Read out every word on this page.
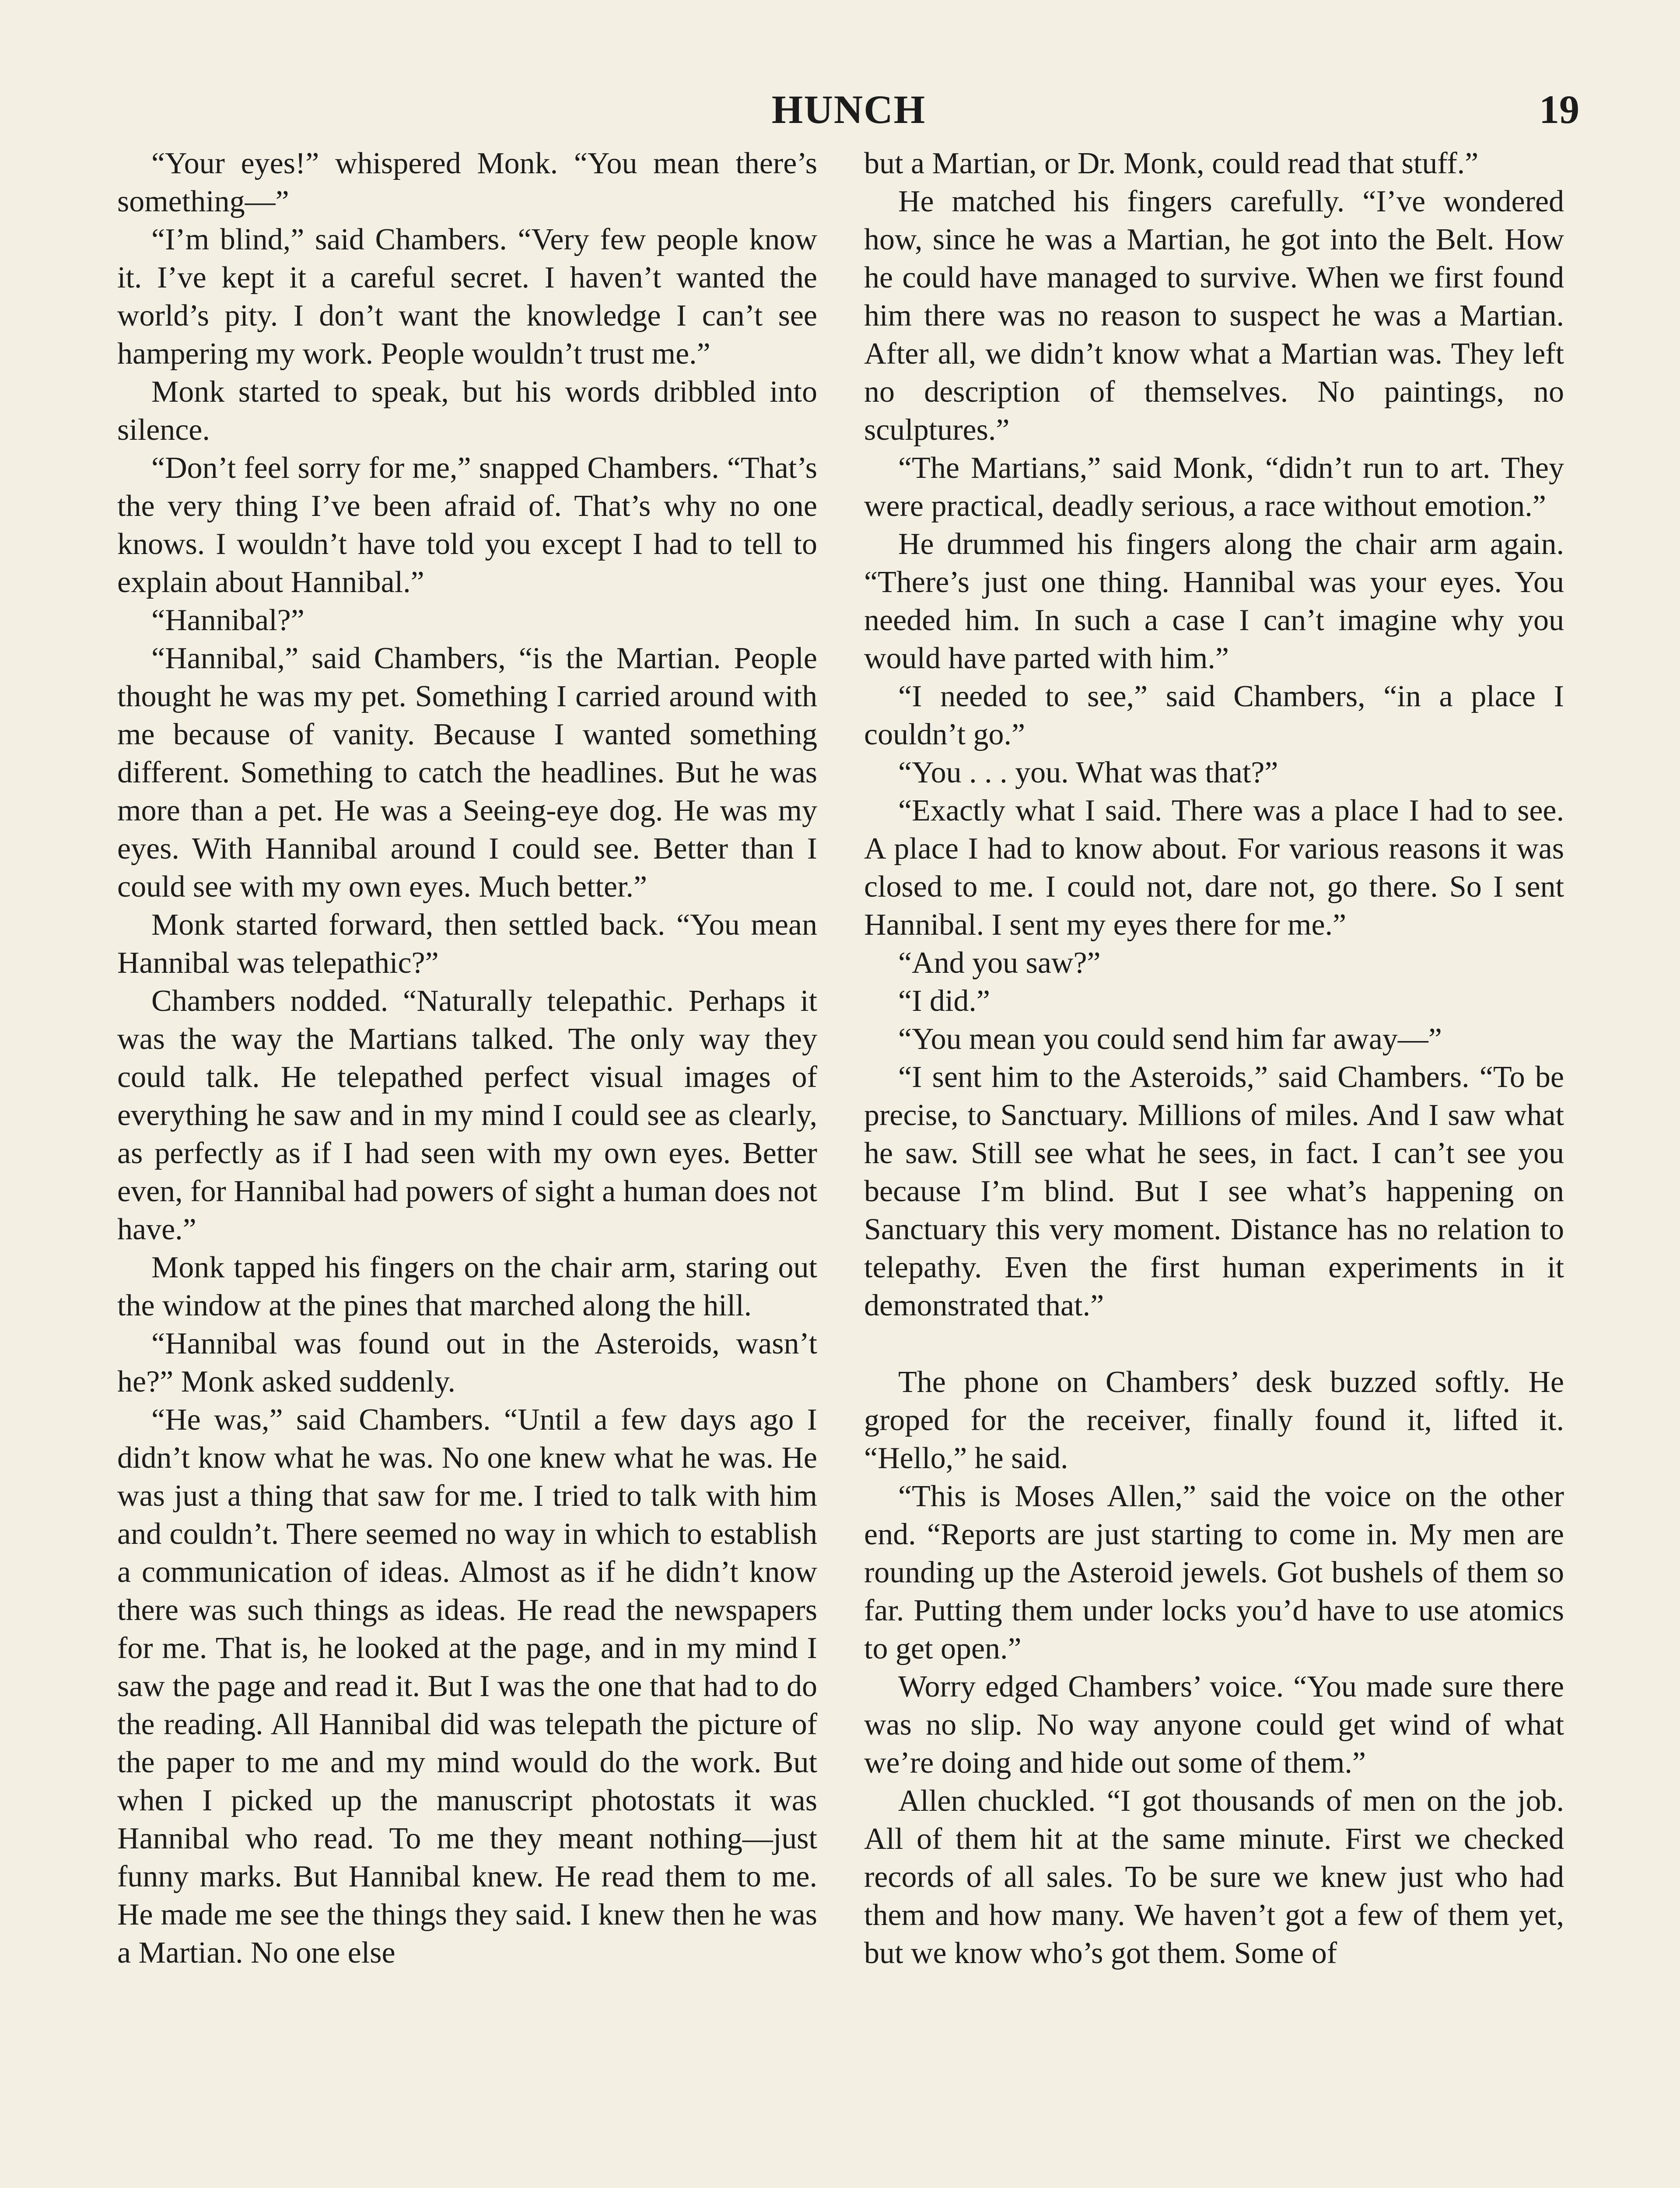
HUNCH	19

“Your eyes!” whispered Monk. “You mean there’s something—”

“I’m blind,” said Chambers. “Very few people know it. I’ve kept it a careful secret. I haven’t wanted the world’s pity. I don’t want the knowledge I can’t see hampering my work. People wouldn’t trust me.”

Monk started to speak, but his words dribbled into silence.

“Don’t feel sorry for me,” snapped Chambers. “That’s the very thing I’ve been afraid of. That’s why no one knows. I wouldn’t have told you except I had to tell to explain about Hannibal.”

“Hannibal?”

“Hannibal,” said Chambers, “is the Martian. People thought he was my pet. Something I carried around with me because of vanity. Because I wanted something different. Something to catch the headlines. But he was more than a pet. He was a Seeing-eye dog. He was my eyes. With Hannibal around I could see. Better than I could see with my own eyes. Much better.”

Monk started forward, then settled back. “You mean Hannibal was telepathic?”

Chambers nodded. “Naturally telepathic. Perhaps it was the way the Martians talked. The only way they could talk. He telepathed perfect visual images of everything he saw and in my mind I could see as clearly, as perfectly as if I had seen with my own eyes. Better even, for Hannibal had powers of sight a human does not have.”

Monk tapped his fingers on the chair arm, staring out the window at the pines that marched along the hill.

“Hannibal was found out in the Asteroids, wasn’t he?” Monk asked suddenly.

“He was,” said Chambers. “Until a few days ago I didn’t know what he was. No one knew what he was. He was just a thing that saw for me. I tried to talk with him and couldn’t. There seemed no way in which to establish a communication of ideas. Almost as if he didn’t know there was such things as ideas. He read the newspapers for me. That is, he looked at the page, and in my mind I saw the page and read it. But I was the one that had to do the reading. All Hannibal did was telepath the picture of the paper to me and my mind would do the work. But when I picked up the manuscript photostats it was Hannibal who read. To me they meant nothing—just funny marks. But Hannibal knew. He read them to me. He made me see the things they said. I knew then he was a Martian. No one else

but a Martian, or Dr. Monk, could read that stuff.”

He matched his fingers carefully. “I’ve wondered how, since he was a Martian, he got into the Belt. How he could have managed to survive. When we first found him there was no reason to suspect he was a Martian. After all, we didn’t know what a Martian was. They left no description of themselves. No paintings, no sculptures.”

“The Martians,” said Monk, “didn’t run to art. They were practical, deadly serious, a race without emotion.”

He drummed his fingers along the chair arm again. “There’s just one thing. Hannibal was your eyes. You needed him. In such a case I can’t imagine why you would have parted with him.”

“I needed to see,” said Chambers, “in a place I couldn’t go.”

“You . . . you. What was that?”

“Exactly what I said. There was a place I had to see. A place I had to know about. For various reasons it was closed to me. I could not, dare not, go there. So I sent Hannibal. I sent my eyes there for me.”

“And you saw?”

“I did.”

“You mean you could send him far away—”

“I sent him to the Asteroids,” said Chambers. “To be precise, to Sanctuary. Millions of miles. And I saw what he saw. Still see what he sees, in fact. I can’t see you because I’m blind. But I see what’s happening on Sanctuary this very moment. Distance has no relation to telepathy. Even the first human experiments in it demonstrated that.”

The phone on Chambers’ desk buzzed softly. He groped for the receiver, finally found it, lifted it. “Hello,” he said.

“This is Moses Allen,” said the voice on the other end. “Reports are just starting to come in. My men are rounding up the Asteroid jewels. Got bushels of them so far. Putting them under locks you’d have to use atomics to get open.”

Worry edged Chambers’ voice. “You made sure there was no slip. No way anyone could get wind of what we’re doing and hide out some of them.”

Allen chuckled. “I got thousands of men on the job. All of them hit at the same minute. First we checked records of all sales. To be sure we knew just who had them and how many. We haven’t got a few of them yet, but we know who’s got them. Some of
